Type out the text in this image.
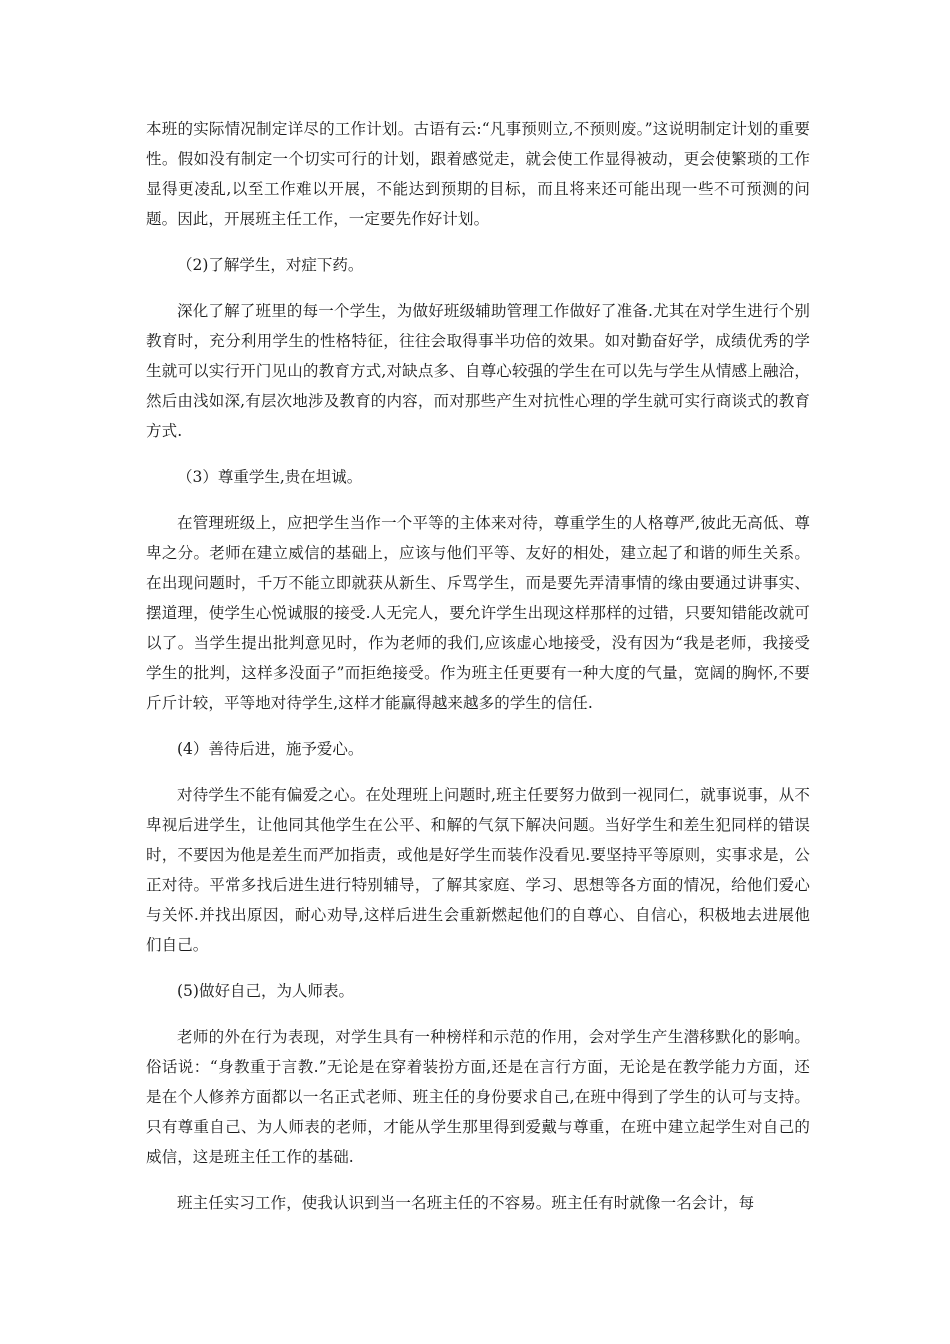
本班的实际情况制定详尽的工作计划。古语有云:“凡事预则立,不预则废。”这说明制定计划的重要性。假如没有制定一个切实可行的计划，跟着感觉走，就会使工作显得被动，更会使繁琐的工作显得更凌乱,以至工作难以开展，不能达到预期的目标，而且将来还可能出现一些不可预测的问题。因此，开展班主任工作，一定要先作好计划。

（2)了解学生，对症下药。

深化了解了班里的每一个学生，为做好班级辅助管理工作做好了准备.尤其在对学生进行个别教育时，充分利用学生的性格特征，往往会取得事半功倍的效果。如对勤奋好学，成绩优秀的学生就可以实行开门见山的教育方式,对缺点多、自尊心较强的学生在可以先与学生从情感上融洽，然后由浅如深,有层次地涉及教育的内容，而对那些产生对抗性心理的学生就可实行商谈式的教育方式.

（3）尊重学生,贵在坦诚。

在管理班级上，应把学生当作一个平等的主体来对待，尊重学生的人格尊严,彼此无高低、尊卑之分。老师在建立威信的基础上，应该与他们平等、友好的相处，建立起了和谐的师生关系。在出现问题时，千万不能立即就获从新生、斥骂学生，而是要先弄清事情的缘由要通过讲事实、摆道理，使学生心悦诚服的接受.人无完人，要允许学生出现这样那样的过错，只要知错能改就可以了。当学生提出批判意见时，作为老师的我们,应该虚心地接受，没有因为“我是老师，我接受学生的批判，这样多没面子”而拒绝接受。作为班主任更要有一种大度的气量，宽阔的胸怀,不要斤斤计较，平等地对待学生,这样才能赢得越来越多的学生的信任.

(4）善待后进，施予爱心。

对待学生不能有偏爱之心。在处理班上问题时,班主任要努力做到一视同仁，就事说事，从不卑视后进学生，让他同其他学生在公平、和解的气氛下解决问题。当好学生和差生犯同样的错误时，不要因为他是差生而严加指责，或他是好学生而装作没看见.要坚持平等原则，实事求是，公正对待。平常多找后进生进行特别辅导，了解其家庭、学习、思想等各方面的情况，给他们爱心与关怀.并找出原因，耐心劝导,这样后进生会重新燃起他们的自尊心、自信心，积极地去进展他们自己。

(5)做好自己，为人师表。

老师的外在行为表现，对学生具有一种榜样和示范的作用，会对学生产生潜移默化的影响。俗话说：“身教重于言教.”无论是在穿着装扮方面,还是在言行方面，无论是在教学能力方面，还是在个人修养方面都以一名正式老师、班主任的身份要求自己,在班中得到了学生的认可与支持。只有尊重自己、为人师表的老师，才能从学生那里得到爱戴与尊重，在班中建立起学生对自己的威信，这是班主任工作的基础.

班主任实习工作，使我认识到当一名班主任的不容易。班主任有时就像一名会计，每
